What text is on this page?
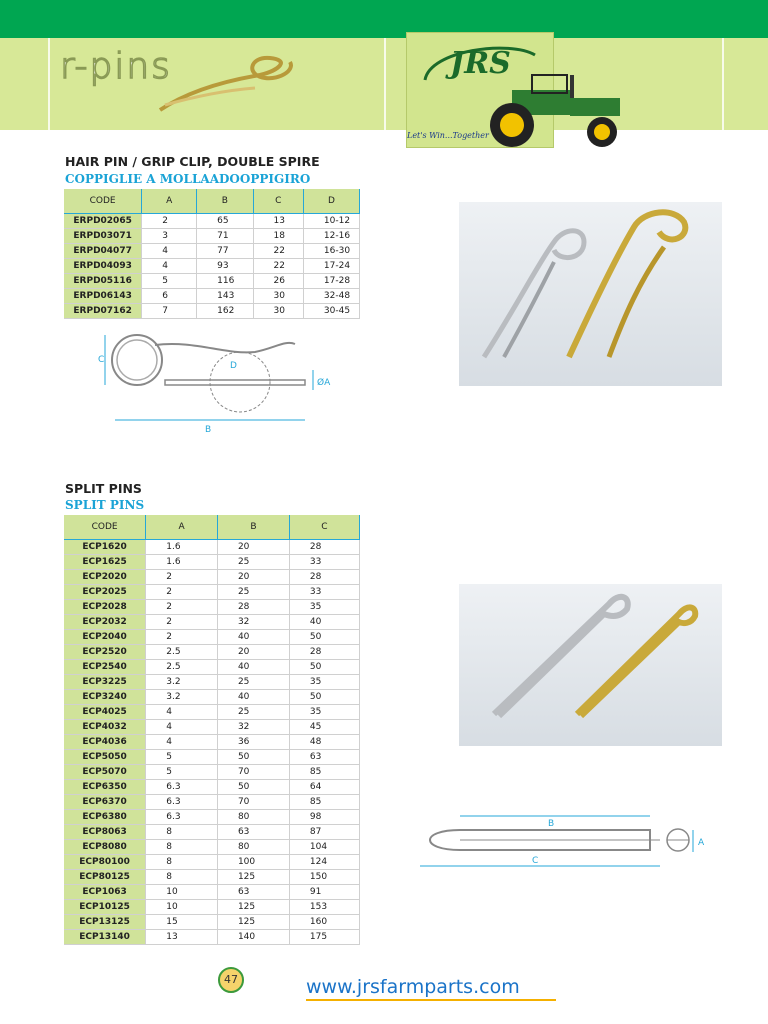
r-pins	JRS
Let's Win...Together
HAIR PIN / GRIP CLIP, DOUBLE SPIRE
COPPIGLIE A MOLLAADOOPPIGIRO
CODE	A	B	C	D
ERPD02065	2	65	13	10-12
ERPD03071	3	71	18	12-16
ERPD04077	4	77	22	16-30
ERPD04093	4	93	22	17-24
ERPD05116	5	116	26	17-28
ERPD06143	6	143	30	32-48
ERPD07162	7	162	30	30-45
C
D
ØA
B
SPLIT PINS
SPLIT PINS
CODE	A	B	C
ECP1620	1.6	20	28
ECP1625	1.6	25	33
ECP2020	2	20	28
ECP2025	2	25	33
ECP2028	2	28	35
ECP2032	2	32	40
ECP2040	2	40	50
ECP2520	2.5	20	28
ECP2540	2.5	40	50
ECP3225	3.2	25	35
ECP3240	3.2	40	50
ECP4025	4	25	35
ECP4032	4	32	45
ECP4036	4	36	48
ECP5050	5	50	63
ECP5070	5	70	85
ECP6350	6.3	50	64
ECP6370	6.3	70	85
ECP6380	6.3	80	98
ECP8063	8	63	87
ECP8080	8	80	104
ECP80100	8	100	124
ECP80125	8	125	150
ECP1063	10	63	91
ECP10125	10	125	153
ECP13125	15	125	160
ECP13140	13	140	175
B
C
A
47	www.jrsfarmparts.com
